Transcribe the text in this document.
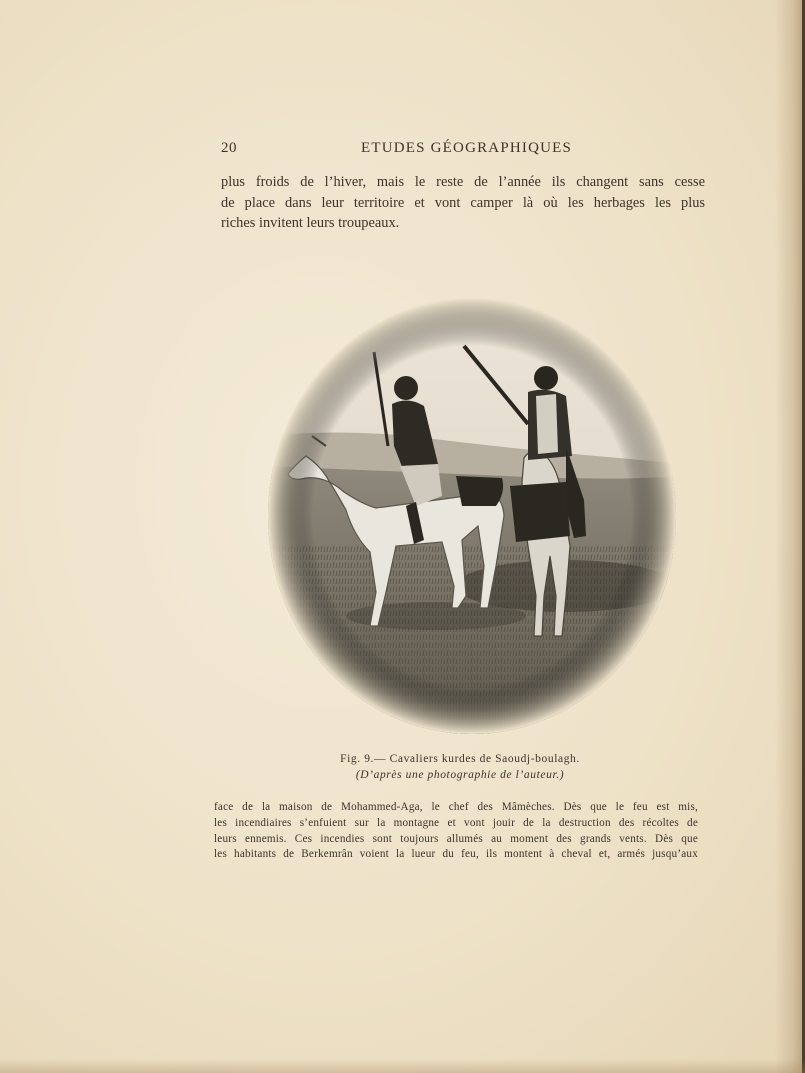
20	ETUDES GÉOGRAPHIQUES
plus froids de l’hiver, mais le reste de l’année ils changent sans cesse
de place dans leur territoire et vont camper là où les herbages les plus
riches invitent leurs troupeaux.
Fig. 9.— Cavaliers kurdes de Saoudj-boulagh.
(D’après une photographie de l’auteur.)
face de la maison de Mohammed-Aga, le chef des Mâmèches. Dès que le feu est mis,
les incendiaires s’enfuient sur la montagne et vont jouir de la destruction des récoltes de
leurs ennemis. Ces incendies sont toujours allumés au moment des grands vents. Dès que
les habitants de Berkemrân voient la lueur du feu, ils montent à cheval et, armés jusqu’aux
